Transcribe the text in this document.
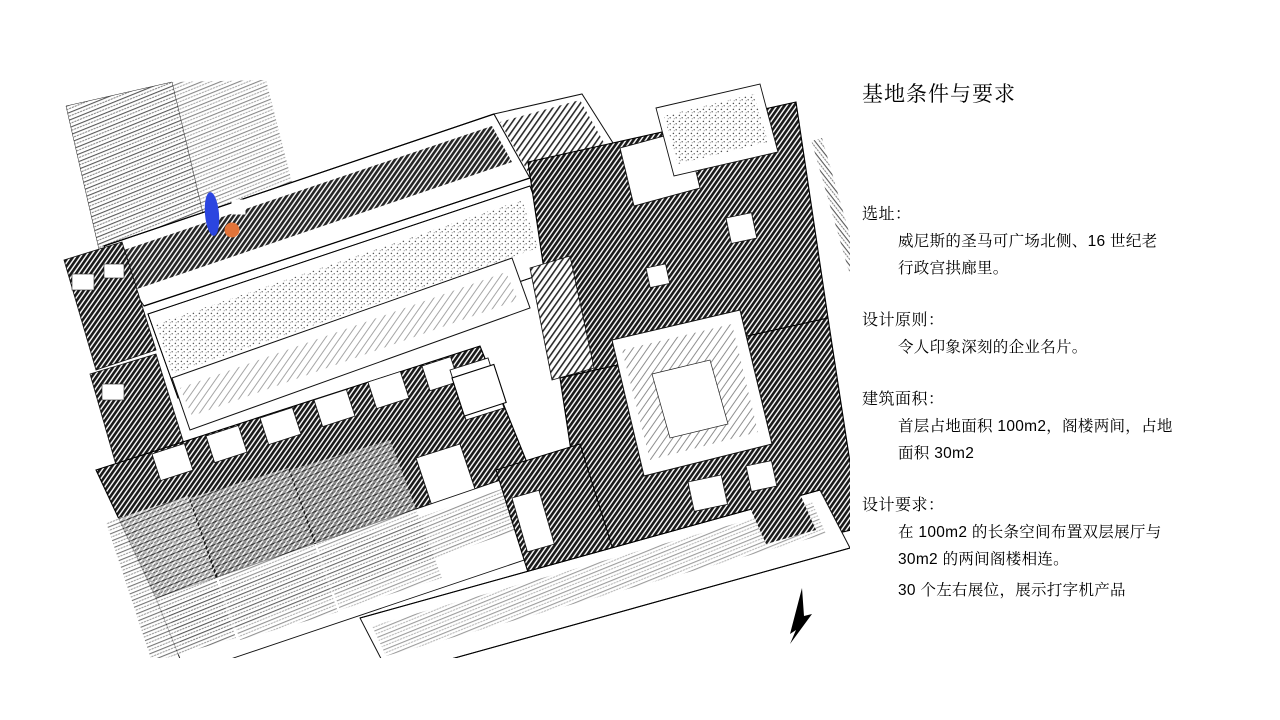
基地条件与要求
选址：
威尼斯的圣马可广场北侧、16 世纪老
行政宫拱廊里。
设计原则：
令人印象深刻的企业名片。
建筑面积：
首层占地面积 100m2，阁楼两间，占地
面积 30m2
设计要求：
在 100m2 的长条空间布置双层展厅与
30m2 的两间阁楼相连。
30 个左右展位，展示打字机产品
